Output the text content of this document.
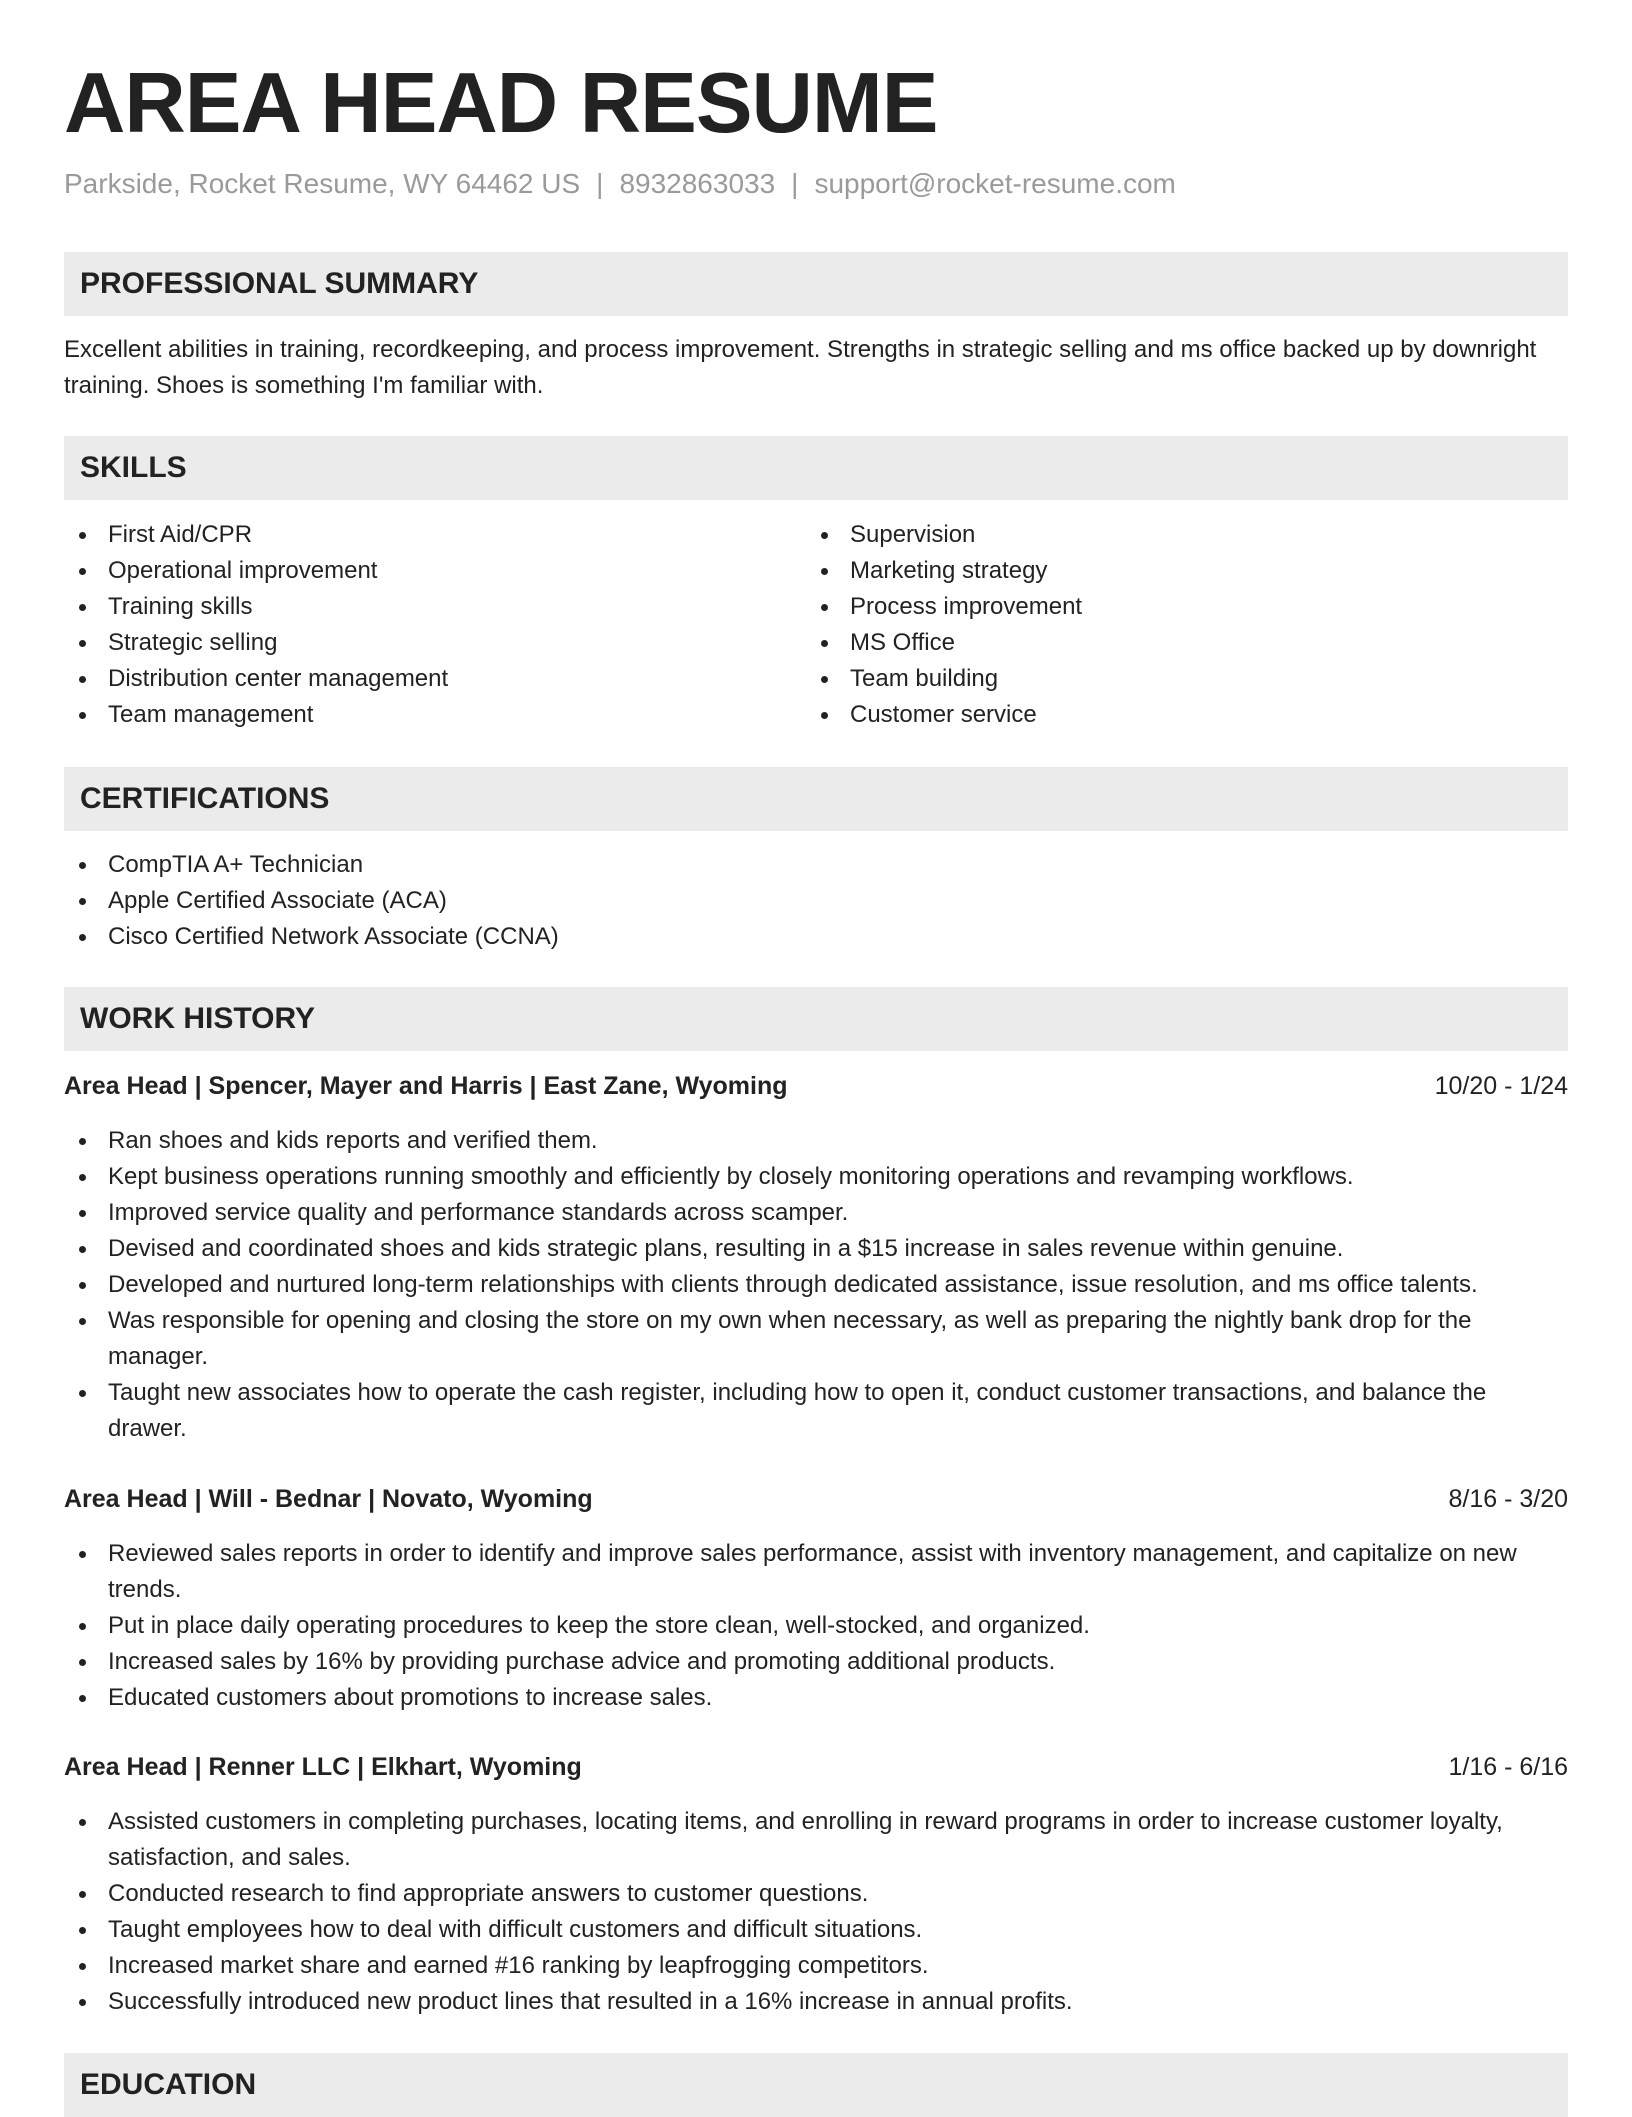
AREA HEAD RESUME
Parkside, Rocket Resume, WY 64462 US | 8932863033 | support@rocket-resume.com
PROFESSIONAL SUMMARY

Excellent abilities in training, recordkeeping, and process improvement. Strengths in strategic selling and ms office backed up by downright training. Shoes is something I'm familiar with.

SKILLS
First Aid/CPR
Operational improvement
Training skills
Strategic selling
Distribution center management
Team management
Supervision
Marketing strategy
Process improvement
MS Office
Team building
Customer service
CERTIFICATIONS
CompTIA A+ Technician
Apple Certified Associate (ACA)
Cisco Certified Network Associate (CCNA)
WORK HISTORY
Area Head | Spencer, Mayer and Harris | East Zane, Wyoming	10/20 - 1/24
Ran shoes and kids reports and verified them.
Kept business operations running smoothly and efficiently by closely monitoring operations and revamping workflows.
Improved service quality and performance standards across scamper.
Devised and coordinated shoes and kids strategic plans, resulting in a $15 increase in sales revenue within genuine.
Developed and nurtured long-term relationships with clients through dedicated assistance, issue resolution, and ms office talents.
Was responsible for opening and closing the store on my own when necessary, as well as preparing the nightly bank drop for the manager.
Taught new associates how to operate the cash register, including how to open it, conduct customer transactions, and balance the drawer.
Area Head | Will - Bednar | Novato, Wyoming	8/16 - 3/20
Reviewed sales reports in order to identify and improve sales performance, assist with inventory management, and capitalize on new trends.
Put in place daily operating procedures to keep the store clean, well-stocked, and organized.
Increased sales by 16% by providing purchase advice and promoting additional products.
Educated customers about promotions to increase sales.
Area Head | Renner LLC | Elkhart, Wyoming	1/16 - 6/16
Assisted customers in completing purchases, locating items, and enrolling in reward programs in order to increase customer loyalty, satisfaction, and sales.
Conducted research to find appropriate answers to customer questions.
Taught employees how to deal with difficult customers and difficult situations.
Increased market share and earned #16 ranking by leapfrogging competitors.
Successfully introduced new product lines that resulted in a 16% increase in annual profits.
EDUCATION
